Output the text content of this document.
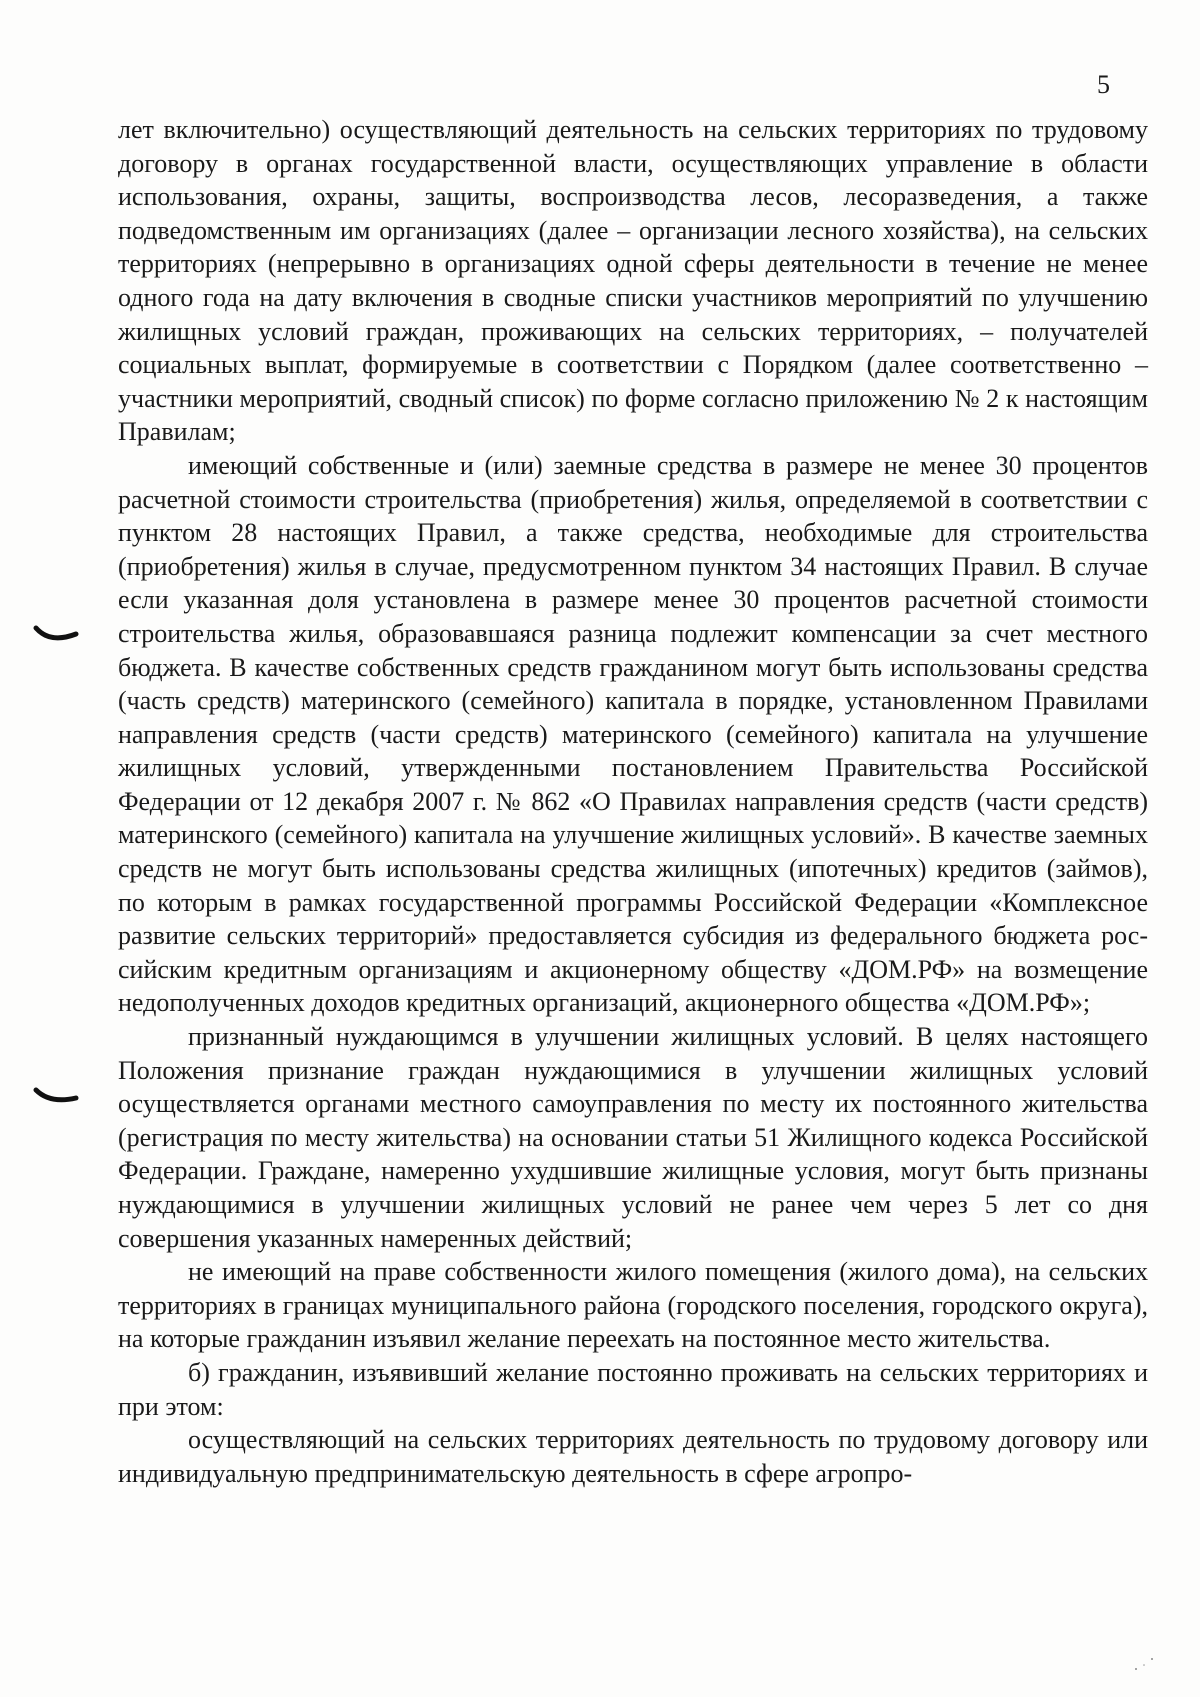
5

лет включительно) осуществляющий деятельность на сельских территориях по трудовому договору в органах государственной власти, осуществляющих управление в области использования, охраны, защиты, воспроизводства лесов, лесоразведения, а также подведомственным им организациях (далее – организации лесного хозяйства), на сельских территориях (непрерывно в организациях одной сферы деятельности в течение не менее одного года на дату включения в сводные списки участников мероприятий по улучшению жилищных условий граждан, проживающих на сельских территориях, – получателей социальных выплат, формируемые в соответствии с Порядком (далее соответственно – участники мероприятий, сводный список) по форме согласно приложению № 2 к настоящим Правилам;

имеющий собственные и (или) заемные средства в размере не менее 30 процентов расчетной стоимости строительства (приобретения) жилья, определяемой в соответствии с пунктом 28 настоящих Правил, а также средства, необходимые для строительства (приобретения) жилья в случае, предусмотренном пунктом 34 настоящих Правил. В случае если указанная доля установлена в размере менее 30 процентов расчетной стоимости строительства жилья, образовавшаяся разница подлежит компенсации за счет местного бюджета. В качестве собственных средств гражданином могут быть использованы средства (часть средств) материнского (семейного) капитала в порядке, установленном Правилами направления средств (части средств) материнского (семейного) капитала на улучшение жилищных условий, утвержденными постановлением Правительства Российской Федерации от 12 декабря 2007 г. № 862 «О Правилах направления средств (части средств) материнского (семейного) капитала на улучшение жилищных условий». В качестве заемных средств не могут быть использованы средства жилищных (ипотечных) кредитов (займов), по которым в рамках государственной программы Российской Федерации «Комплексное развитие сельских территорий» предоставляется субсидия из федерального бюджета российским кредитным организациям и акционерному обществу «ДОМ.РФ» на возмещение недополученных доходов кредитных организаций, акционерного общества «ДОМ.РФ»;

признанный нуждающимся в улучшении жилищных условий. В целях настоящего Положения признание граждан нуждающимися в улучшении жилищных условий осуществляется органами местного самоуправления по месту их постоянного жительства (регистрация по месту жительства) на основании статьи 51 Жилищного кодекса Российской Федерации. Граждане, намеренно ухудшившие жилищные условия, могут быть признаны нуждающимися в улучшении жилищных условий не ранее чем через 5 лет со дня совершения указанных намеренных действий;

не имеющий на праве собственности жилого помещения (жилого дома), на сельских территориях в границах муниципального района (городского поселения, городского округа), на которые гражданин изъявил желание переехать на постоянное место жительства.

б) гражданин, изъявивший желание постоянно проживать на сельских территориях и при этом:

осуществляющий на сельских территориях деятельность по трудовому договору или индивидуальную предпринимательскую деятельность в сфере агропро-
